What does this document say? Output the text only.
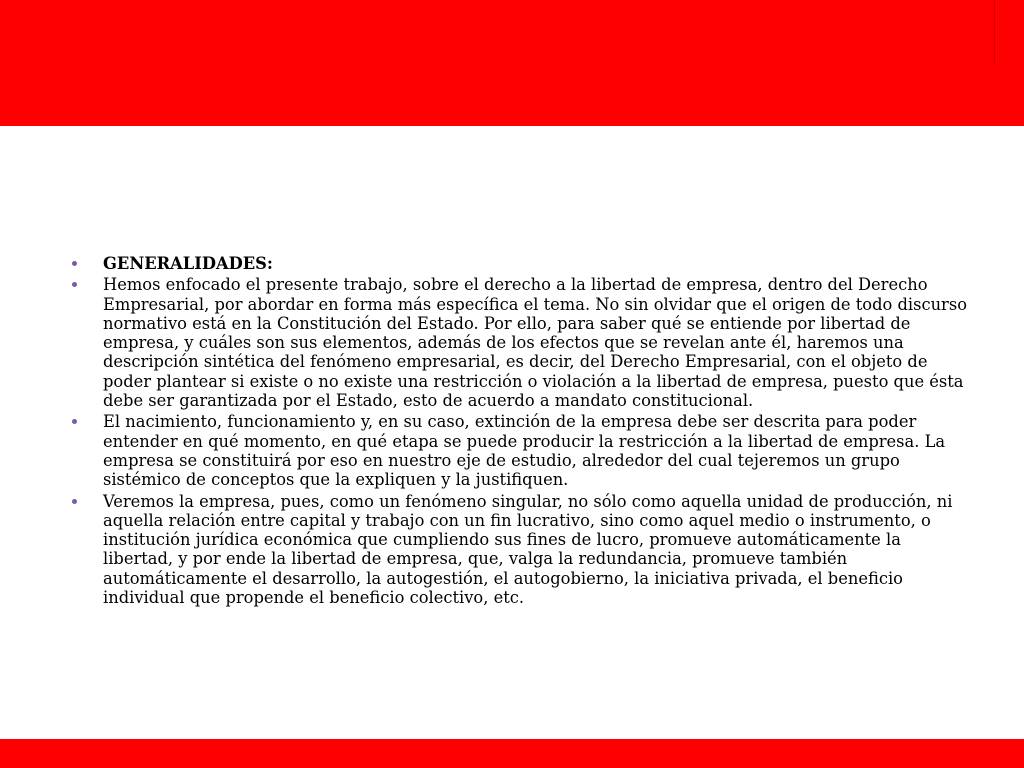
GENERALIDADES:
Hemos enfocado el presente trabajo, sobre el derecho a la libertad de empresa, dentro del Derecho Empresarial, por abordar en forma más específica el tema. No sin olvidar que el origen de todo discurso normativo está en la Constitución del Estado. Por ello, para saber qué se entiende por libertad de empresa, y cuáles son sus elementos, además de los efectos que se revelan ante él, haremos una descripción sintética del fenómeno empresarial, es decir, del Derecho Empresarial, con el objeto de poder plantear si existe o no existe una restricción o violación a la libertad de empresa, puesto que ésta debe ser garantizada por el Estado, esto de acuerdo a mandato constitucional.
El nacimiento, funcionamiento y, en su caso, extinción de la empresa debe ser descrita para poder entender en qué momento, en qué etapa se puede producir la restricción a la libertad de empresa. La empresa se constituirá por eso en nuestro eje de estudio, alrededor del cual tejeremos un grupo sistémico de conceptos que la expliquen y la justifiquen.
Veremos la empresa, pues, como un fenómeno singular, no sólo como aquella unidad de producción, ni aquella relación entre capital y trabajo con un fin lucrativo, sino como aquel medio o instrumento, o institución jurídica económica que cumpliendo sus fines de lucro, promueve automáticamente la libertad, y por ende la libertad de empresa, que, valga la redundancia, promueve también automáticamente el desarrollo, la autogestión, el autogobierno, la iniciativa privada, el beneficio individual que propende el beneficio colectivo, etc.
